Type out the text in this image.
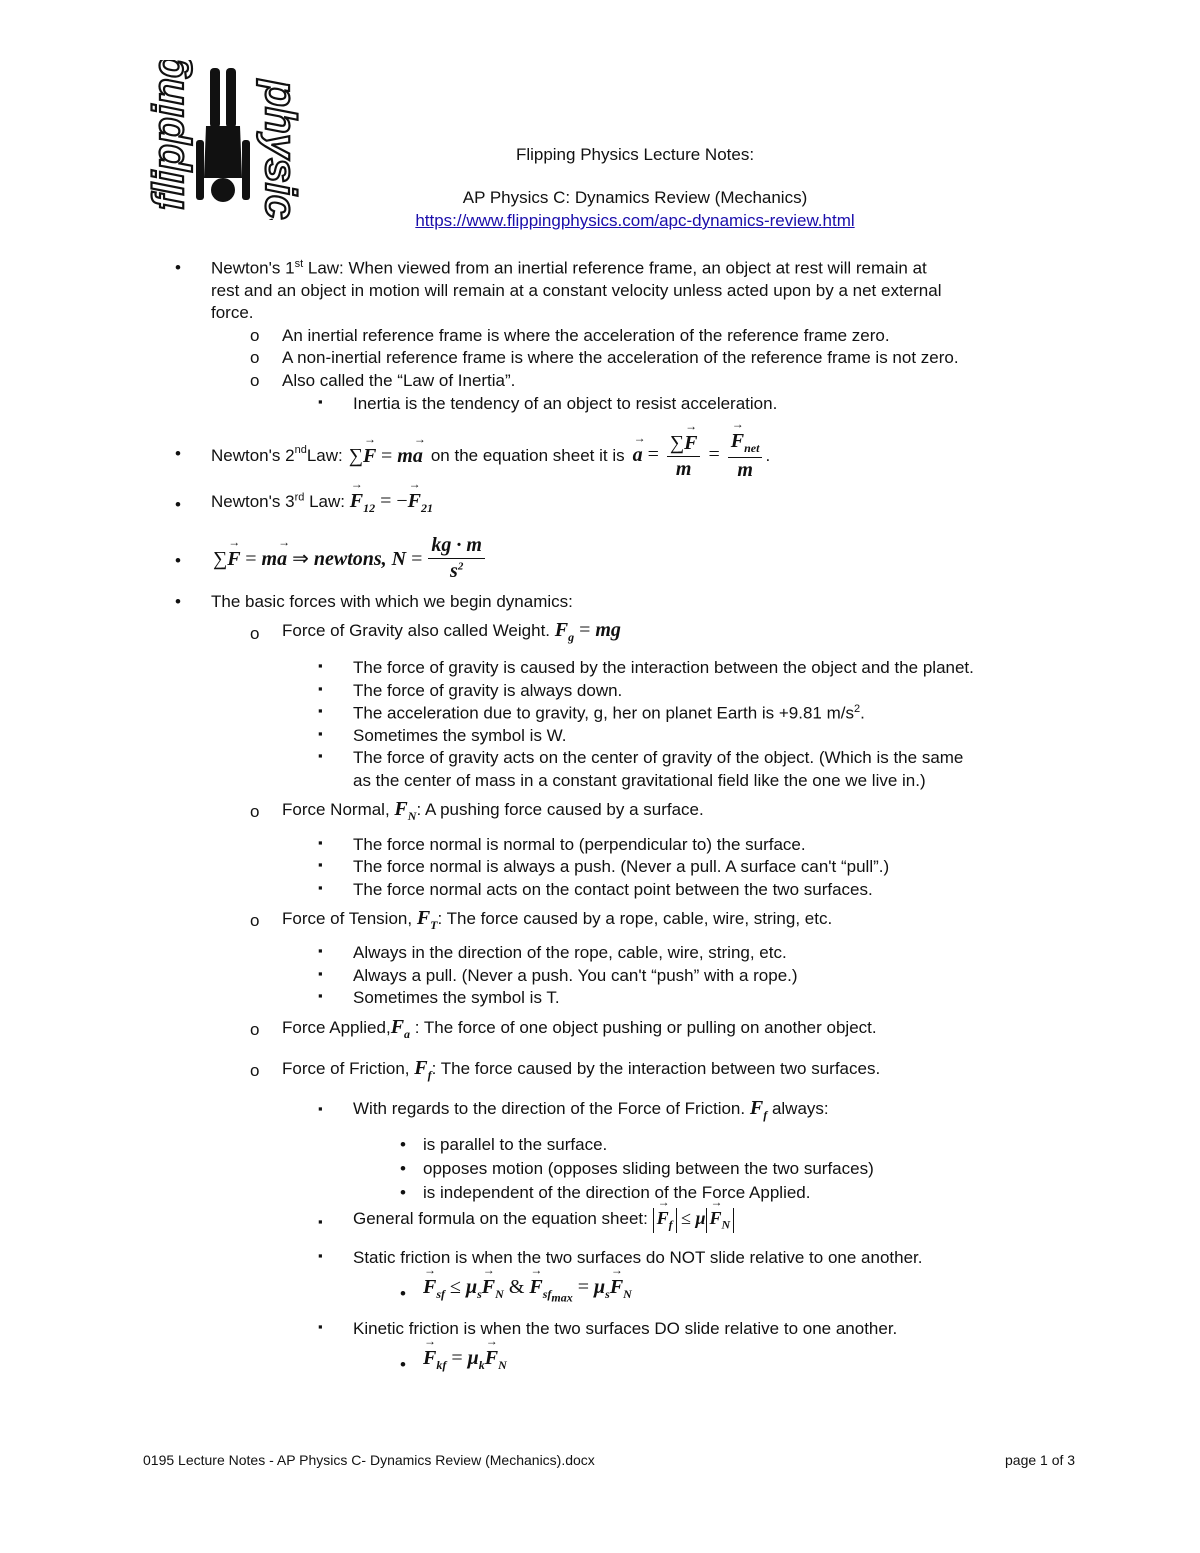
flipping physics	Flipping Physics Lecture Notes:
AP Physics C: Dynamics Review (Mechanics)
https://www.flippingphysics.com/apc-dynamics-review.html
• Newton's 1st Law: When viewed from an inertial reference frame, an object at rest will remain at
rest and an object in motion will remain at a constant velocity unless acted upon by a net external
force.
o An inertial reference frame is where the acceleration of the reference frame zero.
o A non-inertial reference frame is where the acceleration of the reference frame is not zero.
o Also called the “Law of Inertia”.
▪ Inertia is the tendency of an object to resist acceleration.
• Newton's 2nd Law: ∑→ F = m→ a on the equation sheet it is → $a = \frac{\sum\to F}{m}$ = → $\frac{F_{net}}{m}$ .
• Newton's 3rd Law: → $F_{12}$ = −→ $F_{21}$
• ∑→ F = m→ a ⇒ newtons, $N = \frac{kg \cdot m}{s^2}$
• The basic forces with which we begin dynamics:
o Force of Gravity also called Weight. $F_g$ = mg
▪ The force of gravity is caused by the interaction between the object and the planet.
▪ The force of gravity is always down.
▪ The acceleration due to gravity, g, her on planet Earth is +9.81 $m/s^2$.
▪ Sometimes the symbol is W.
▪ The force of gravity acts on the center of gravity of the object. (Which is the same
as the center of mass in a constant gravitational field like the one we live in.)
o Force Normal, $F_N$: A pushing force caused by a surface.
▪ The force normal is normal to (perpendicular to) the surface.
▪ The force normal is always a push. (Never a pull. A surface can't “pull”.)
▪ The force normal acts on the contact point between the two surfaces.
o Force of Tension, $F_T$: The force caused by a rope, cable, wire, string, etc.
▪ Always in the direction of the rope, cable, wire, string, etc.
▪ Always a pull. (Never a push. You can't “push” with a rope.)
▪ Sometimes the symbol is T.
o Force $Applied,F_a$ : The force of one object pushing or pulling on another object.
o Force of Friction, $F_f$: The force caused by the interaction between two surfaces.
▪ With regards to the direction of the Force of Friction. $F_f$ always:
• is parallel to the surface.
• opposes motion (opposes sliding between the two surfaces)
• is independent of the direction of the Force Applied.
▪ General formula on the equation sheet: → $F_f \le \mu \to F_N$
▪ Static friction is when the two surfaces do NOT slide relative to one another.
• → $F_{sf} \le \mu_s\to F_N$ & → $F_{sf_{max}} = \mu_s\to F_N$
▪ Kinetic friction is when the two surfaces DO slide relative to one another.
• → $F_{kf} = \mu_k\to F_N$
0195 Lecture Notes - AP Physics C- Dynamics Review (Mechanics).docx	page 1 of 3
